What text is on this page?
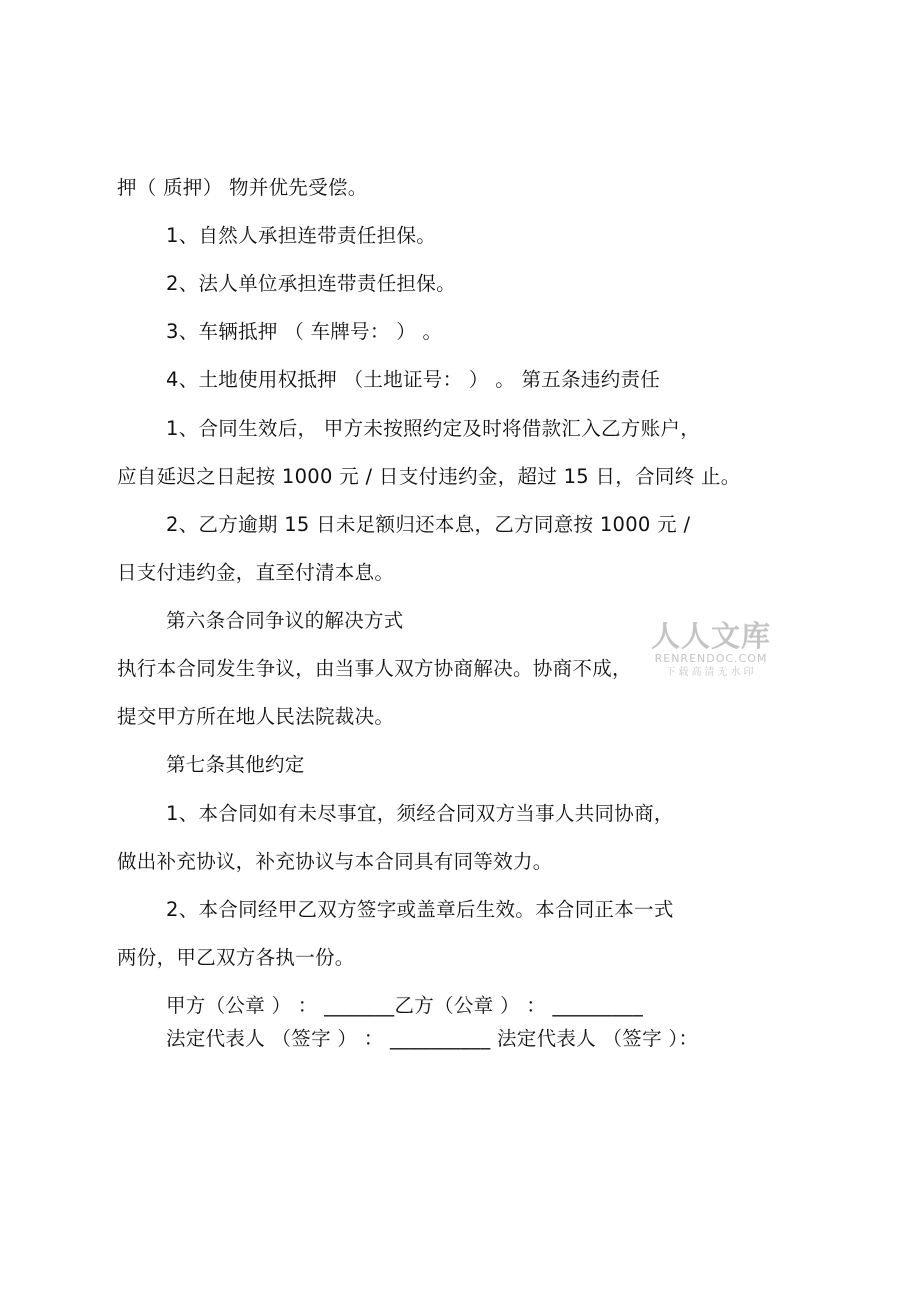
押（ 质押） 物并优先受偿。
1、自然人承担连带责任担保。
2、法人单位承担连带责任担保。
3、车辆抵押 （ 车牌号： ） 。
4、土地使用权抵押 （土地证号： ） 。 第五条违约责任
1、合同生效后， 甲方未按照约定及时将借款汇入乙方账户，
应自延迟之日起按 1000 元 / 日支付违约金，超过 15 日，合同终 止。
2、乙方逾期 15 日未足额归还本息，乙方同意按 1000 元 /
日支付违约金，直至付清本息。
第六条合同争议的解决方式
执行本合同发生争议，由当事人双方协商解决。协商不成，
提交甲方所在地人民法院裁决。
第七条其他约定
1、本合同如有未尽事宜，须经合同双方当事人共同协商，
做出补充协议，补充协议与本合同具有同等效力。
2、本合同经甲乙双方签字或盖章后生效。本合同正本一式
两份，甲乙双方各执一份。
甲方（公章 ） ： _______乙方（公章 ） ： _________
法定代表人 （签字 ） ： __________ 法定代表人 （签字 ）：
人人文库
RENRENDOC.COM
下载高清无水印
